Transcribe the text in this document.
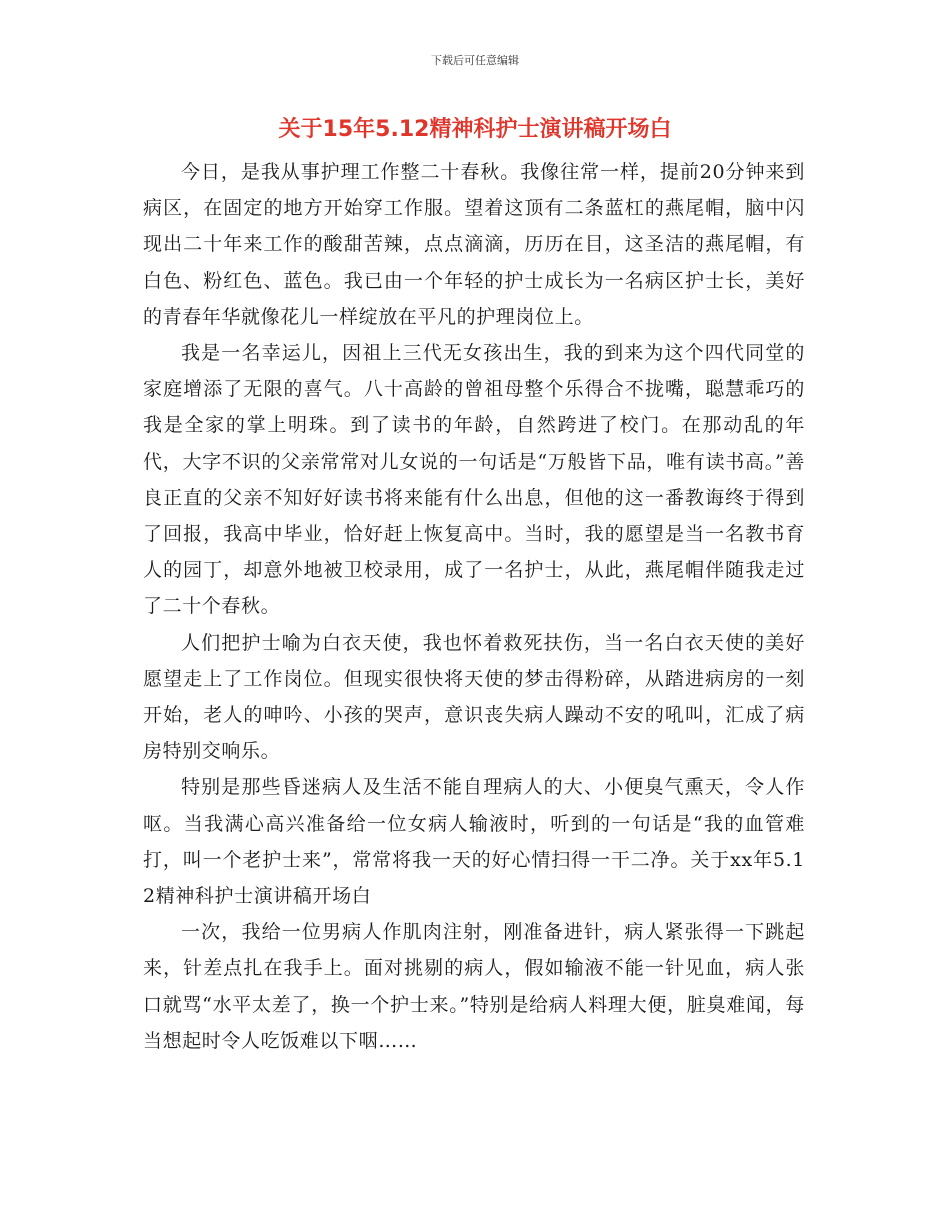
下载后可任意编辑
关于15年5.12精神科护士演讲稿开场白

今日，是我从事护理工作整二十春秋。我像往常一样，提前20分钟来到病区，在固定的地方开始穿工作服。望着这顶有二条蓝杠的燕尾帽，脑中闪现出二十年来工作的酸甜苦辣，点点滴滴，历历在目，这圣洁的燕尾帽，有白色、粉红色、蓝色。我已由一个年轻的护士成长为一名病区护士长，美好的青春年华就像花儿一样绽放在平凡的护理岗位上。

我是一名幸运儿，因祖上三代无女孩出生，我的到来为这个四代同堂的家庭增添了无限的喜气。八十高龄的曾祖母整个乐得合不拢嘴，聪慧乖巧的我是全家的掌上明珠。到了读书的年龄，自然跨进了校门。在那动乱的年代，大字不识的父亲常常对儿女说的一句话是“万般皆下品，唯有读书高。”善良正直的父亲不知好好读书将来能有什么出息，但他的这一番教诲终于得到了回报，我高中毕业，恰好赶上恢复高中。当时，我的愿望是当一名教书育人的园丁，却意外地被卫校录用，成了一名护士，从此，燕尾帽伴随我走过了二十个春秋。

人们把护士喻为白衣天使，我也怀着救死扶伤，当一名白衣天使的美好愿望走上了工作岗位。但现实很快将天使的梦击得粉碎，从踏进病房的一刻开始，老人的呻吟、小孩的哭声，意识丧失病人躁动不安的吼叫，汇成了病房特别交响乐。

特别是那些昏迷病人及生活不能自理病人的大、小便臭气熏天，令人作呕。当我满心高兴准备给一位女病人输液时，听到的一句话是“我的血管难打，叫一个老护士来”，常常将我一天的好心情扫得一干二净。关于xx年5.12精神科护士演讲稿开场白

一次，我给一位男病人作肌肉注射，刚准备进针，病人紧张得一下跳起来，针差点扎在我手上。面对挑剔的病人，假如输液不能一针见血，病人张口就骂“水平太差了，换一个护士来。”特别是给病人料理大便，脏臭难闻，每当想起时令人吃饭难以下咽……
